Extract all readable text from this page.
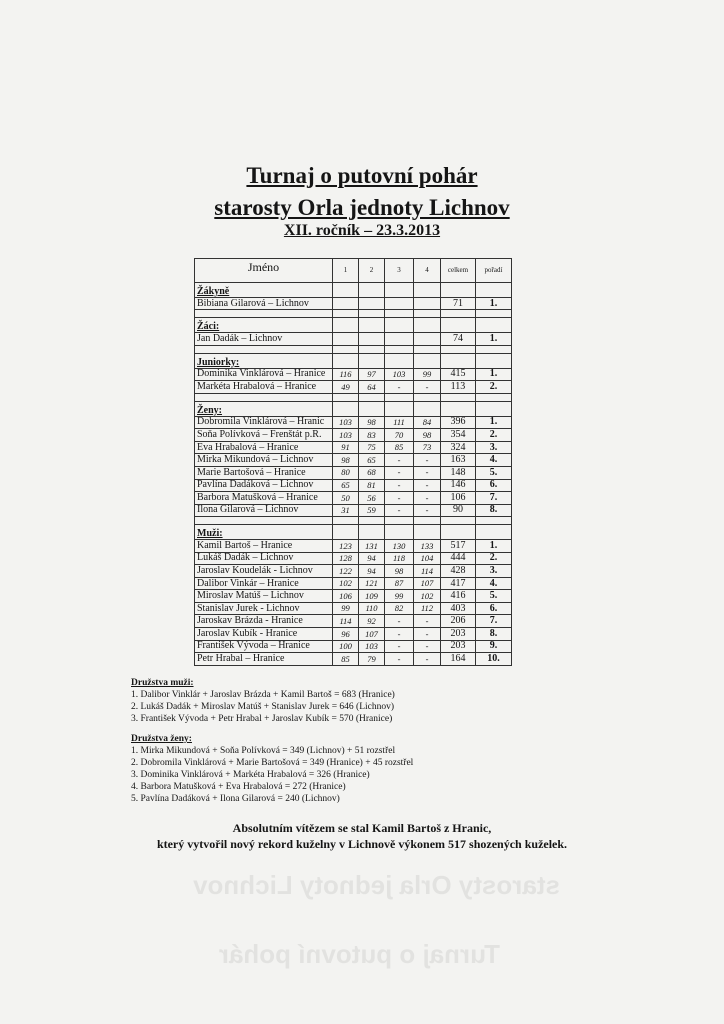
Turnaj o putovní pohár
starosty Orla jednoty Lichnov
XII. ročník – 23.3.2013
Jméno	1	2	3	4	celkem	pořadí
Žákyně						
Bibiana Gilarová – Lichnov					71	1.

Žáci:						
Jan Dadák – Lichnov					74	1.

Juniorky:						
Dominika Vinklárová – Hranice	116	97	103	99	415	1.
Markéta Hrabalová – Hranice	49	64	-	-	113	2.

Ženy:						
Dobromila Vinklárová – Hranic	103	98	111	84	396	1.
Soňa Polívková – Frenštát p.R.	103	83	70	98	354	2.
Eva Hrabalová – Hranice	91	75	85	73	324	3.
Mirka Mikundová – Lichnov	98	65	-	-	163	4.
Marie Bartošová – Hranice	80	68	-	-	148	5.
Pavlína Dadáková – Lichnov	65	81	-	-	146	6.
Barbora Matušková – Hranice	50	56	-	-	106	7.
Ilona Gilarová – Lichnov	31	59	-	-	90	8.

Muži:						
Kamil Bartoš – Hranice	123	131	130	133	517	1.
Lukáš Dadák – Lichnov	128	94	118	104	444	2.
Jaroslav Koudelák - Lichnov	122	94	98	114	428	3.
Dalibor Vinkár – Hranice	102	121	87	107	417	4.
Miroslav Matúš – Lichnov	106	109	99	102	416	5.
Stanislav Jurek - Lichnov	99	110	82	112	403	6.
Jaroskav Brázda - Hranice	114	92	-	-	206	7.
Jaroslav Kubík - Hranice	96	107	-	-	203	8.
František Vývoda – Hranice	100	103	-	-	203	9.
Petr Hrabal – Hranice	85	79	-	-	164	10.
Družstva muži:
1. Dalibor Vinklár + Jaroslav Brázda + Kamil Bartoš = 683 (Hranice)
2. Lukáš Dadák + Miroslav Matúš + Stanislav Jurek = 646 (Lichnov)
3. František Vývoda + Petr Hrabal + Jaroslav Kubík = 570 (Hranice)
Družstva ženy:
1. Mirka Mikundová + Soňa Polívková = 349 (Lichnov) + 51 rozstřel
2. Dobromila Vinklárová + Marie Bartošová = 349 (Hranice) + 45 rozstřel
3. Dominika Vinklárová + Markéta Hrabalová = 326 (Hranice)
4. Barbora Matušková + Eva Hrabalová = 272 (Hranice)
5. Pavlína Dadáková + Ilona Gilarová = 240 (Lichnov)
Absolutním vítězem se stal Kamil Bartoš z Hranic,
který vytvořil nový rekord kuželny v Lichnově výkonem 517 shozených kuželek.
starosty Orla jednoty Lichnov
Turnaj o putovní pohár
